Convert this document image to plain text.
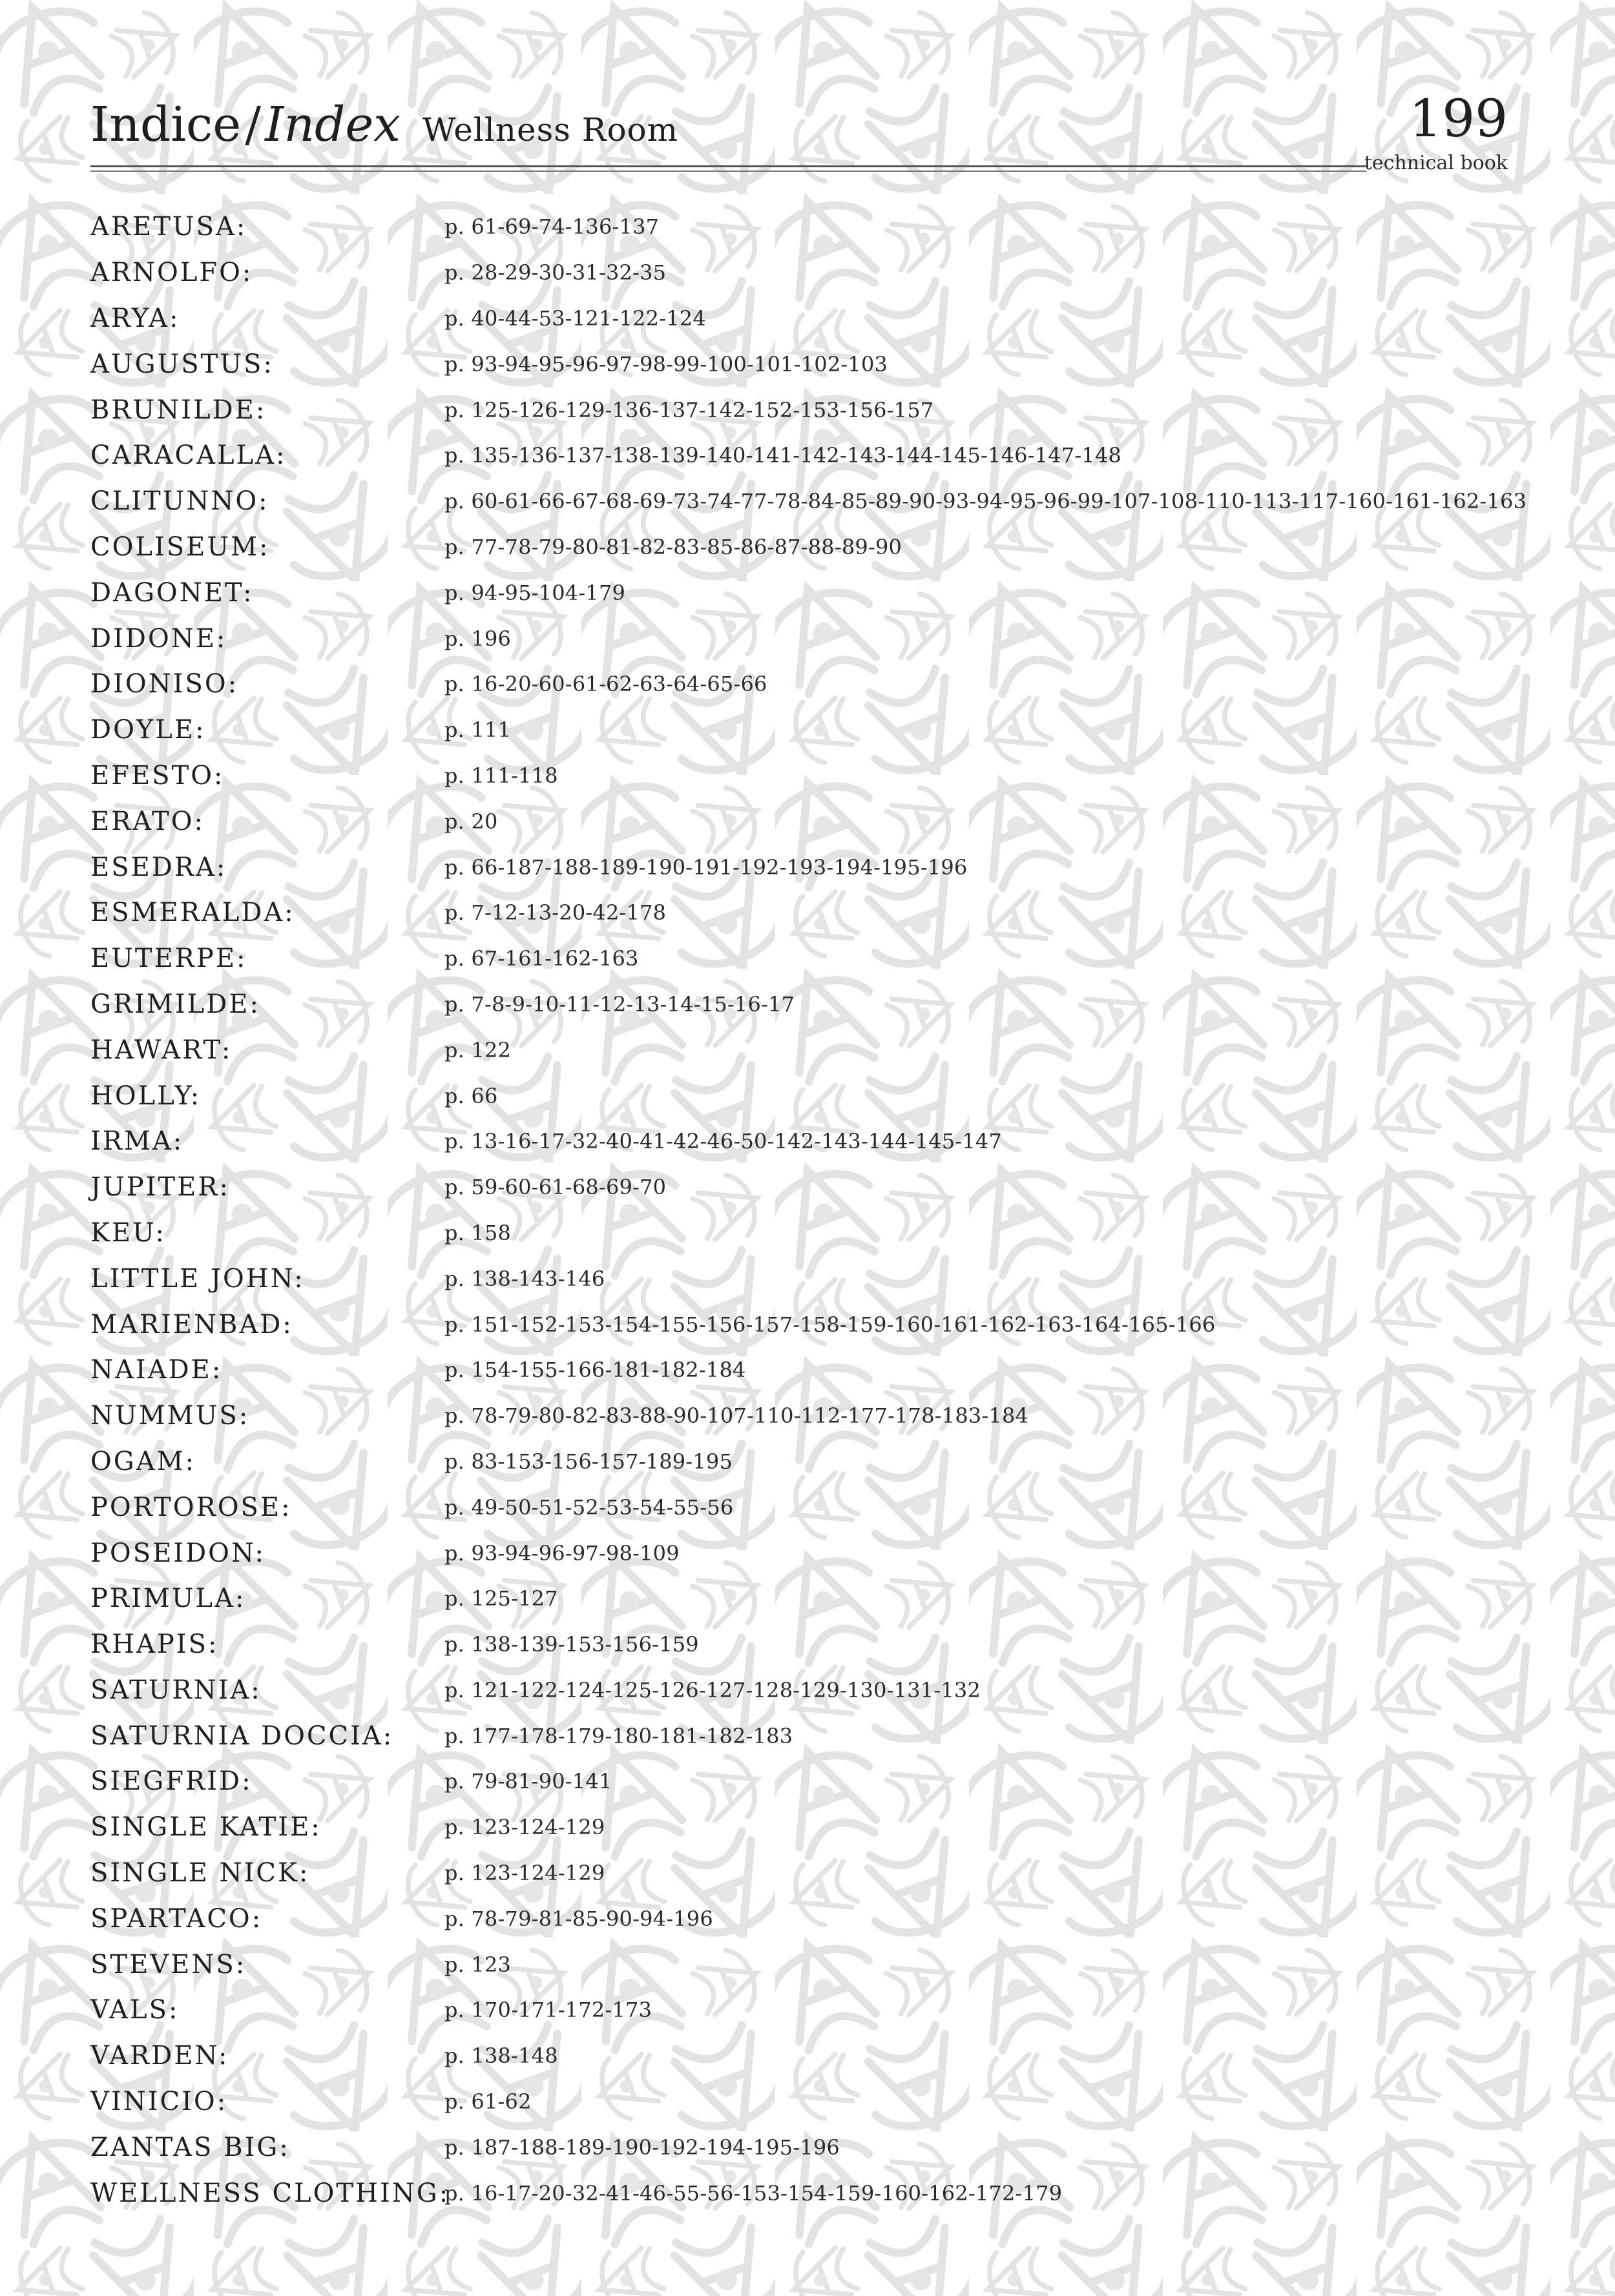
Indice / Index Wellness Room	199
technical book
ARETUSA:	p. 61-69-74-136-137
ARNOLFO:	p. 28-29-30-31-32-35
ARYA:	p. 40-44-53-121-122-124
AUGUSTUS:	p. 93-94-95-96-97-98-99-100-101-102-103
BRUNILDE:	p. 125-126-129-136-137-142-152-153-156-157
CARACALLA:	p. 135-136-137-138-139-140-141-142-143-144-145-146-147-148
CLITUNNO:	p. 60-61-66-67-68-69-73-74-77-78-84-85-89-90-93-94-95-96-99-107-108-110-113-117-160-161-162-163
COLISEUM:	p. 77-78-79-80-81-82-83-85-86-87-88-89-90
DAGONET:	p. 94-95-104-179
DIDONE:	p. 196
DIONISO:	p. 16-20-60-61-62-63-64-65-66
DOYLE:	p. 111
EFESTO:	p. 111-118
ERATO:	p. 20
ESEDRA:	p. 66-187-188-189-190-191-192-193-194-195-196
ESMERALDA:	p. 7-12-13-20-42-178
EUTERPE:	p. 67-161-162-163
GRIMILDE:	p. 7-8-9-10-11-12-13-14-15-16-17
HAWART:	p. 122
HOLLY:	p. 66
IRMA:	p. 13-16-17-32-40-41-42-46-50-142-143-144-145-147
JUPITER:	p. 59-60-61-68-69-70
KEU:	p. 158
LITTLE JOHN:	p. 138-143-146
MARIENBAD:	p. 151-152-153-154-155-156-157-158-159-160-161-162-163-164-165-166
NAIADE:	p. 154-155-166-181-182-184
NUMMUS:	p. 78-79-80-82-83-88-90-107-110-112-177-178-183-184
OGAM:	p. 83-153-156-157-189-195
PORTOROSE:	p. 49-50-51-52-53-54-55-56
POSEIDON:	p. 93-94-96-97-98-109
PRIMULA:	p. 125-127
RHAPIS:	p. 138-139-153-156-159
SATURNIA:	p. 121-122-124-125-126-127-128-129-130-131-132
SATURNIA DOCCIA:	p. 177-178-179-180-181-182-183
SIEGFRID:	p. 79-81-90-141
SINGLE KATIE:	p. 123-124-129
SINGLE NICK:	p. 123-124-129
SPARTACO:	p. 78-79-81-85-90-94-196
STEVENS:	p. 123
VALS:	p. 170-171-172-173
VARDEN:	p. 138-148
VINICIO:	p. 61-62
ZANTAS BIG:	p. 187-188-189-190-192-194-195-196
WELLNESS CLOTHING:
p. 16-17-20-32-41-46-55-56-153-154-159-160-162-172-179
